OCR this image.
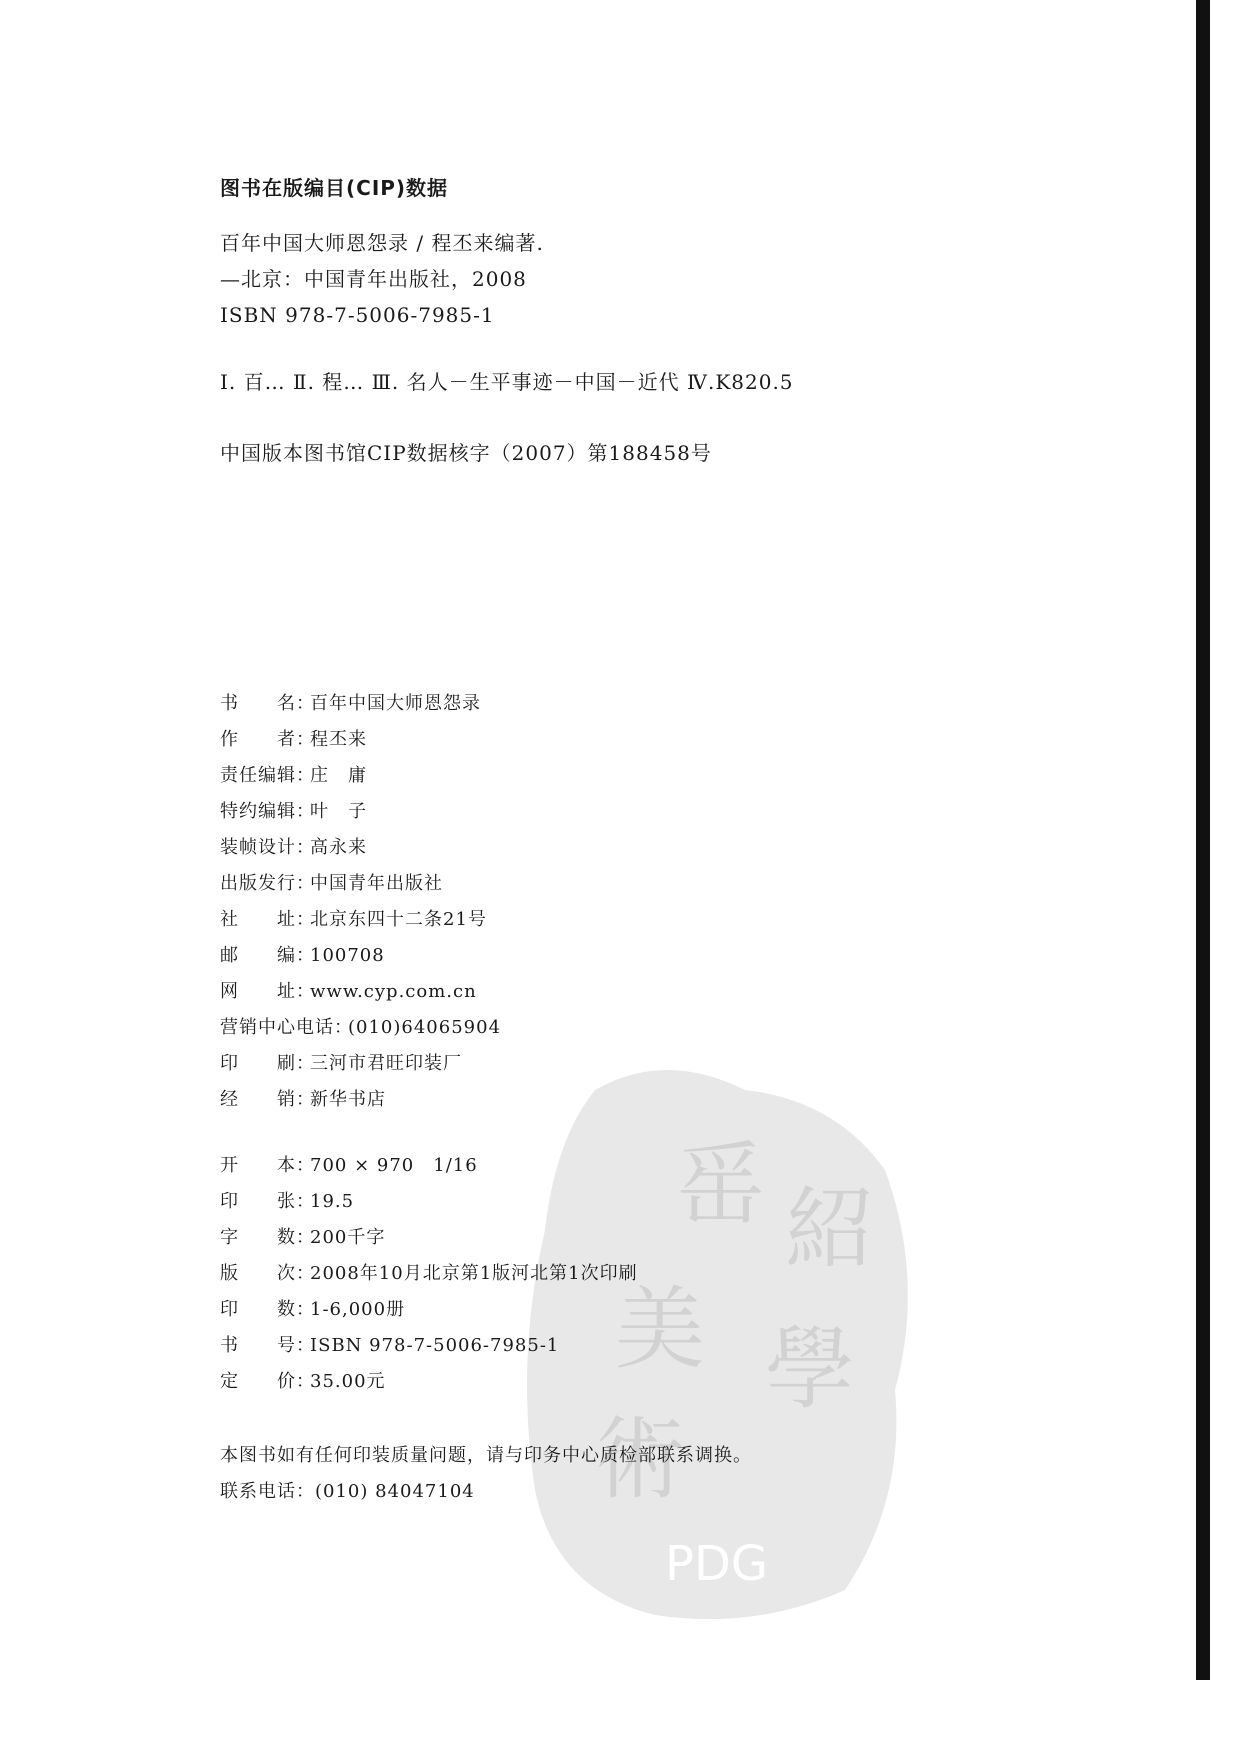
䍃 紹
美 學
術
PDG
图书在版编目(CIP)数据
百年中国大师恩怨录 / 程丕来编著.
—北京：中国青年出版社，2008
ISBN 978-7-5006-7985-1
Ⅰ. 百… Ⅱ. 程… Ⅲ. 名人－生平事迹－中国－近代 Ⅳ.K820.5
中国版本图书馆CIP数据核字（2007）第188458号
书　　名 ：
百年中国大师恩怨录
作　　者 ：
程丕来
责任编辑 ：
庄　庸
特约编辑 ：
叶　子
装帧设计 ：
高永来
出版发行 ：
中国青年出版社
社　　址 ：
北京东四十二条21号
邮　　编 ：
100708
网　　址 ：
www.cyp.com.cn
营销中心电话 ：
(010)64065904
印　　刷 ：
三河市君旺印装厂
经　　销 ：
新华书店
开　　本 ：
700 × 970　1/16
印　　张 ：
19.5
字　　数 ：
200千字
版　　次 ：
2008年10月北京第1版河北第1次印刷
印　　数 ：
1-6,000册
书　　号 ：
ISBN 978-7-5006-7985-1
定　　价 ：
35.00元
本图书如有任何印装质量问题，请与印务中心质检部联系调换。
联系电话：(010) 84047104
